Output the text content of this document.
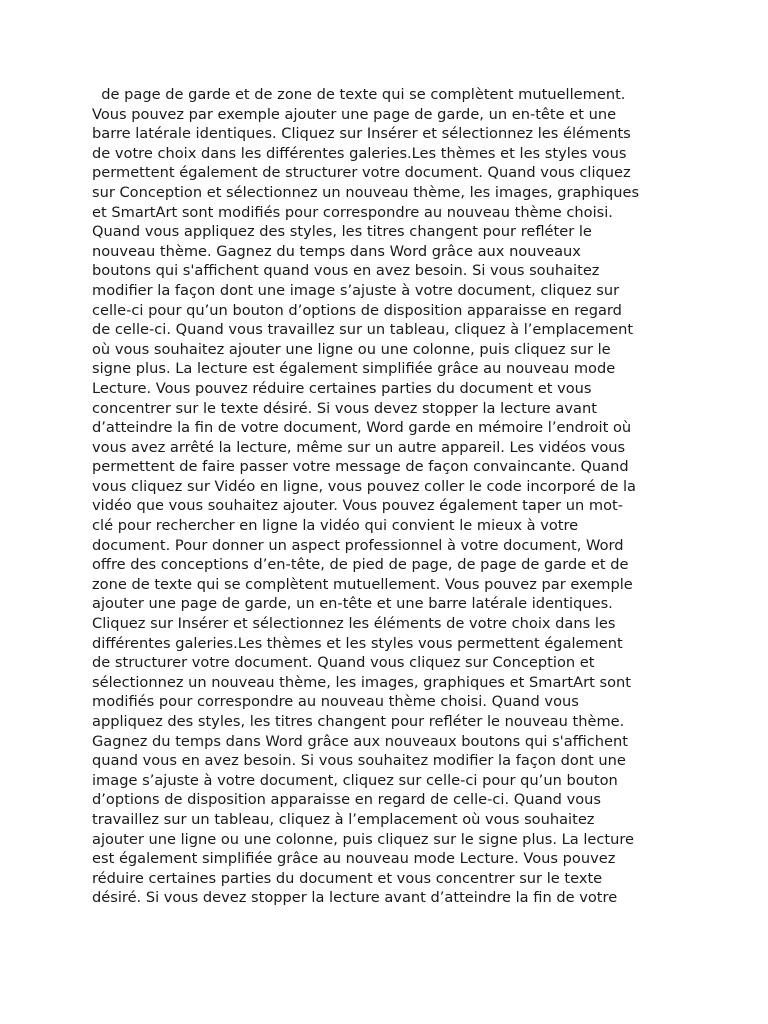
de page de garde et de zone de texte qui se complètent mutuellement.
Vous pouvez par exemple ajouter une page de garde, un en-tête et une
barre latérale identiques. Cliquez sur Insérer et sélectionnez les éléments
de votre choix dans les différentes galeries.Les thèmes et les styles vous
permettent également de structurer votre document. Quand vous cliquez
sur Conception et sélectionnez un nouveau thème, les images, graphiques
et SmartArt sont modifiés pour correspondre au nouveau thème choisi.
Quand vous appliquez des styles, les titres changent pour refléter le
nouveau thème. Gagnez du temps dans Word grâce aux nouveaux
boutons qui s'affichent quand vous en avez besoin. Si vous souhaitez
modifier la façon dont une image s’ajuste à votre document, cliquez sur
celle-ci pour qu’un bouton d’options de disposition apparaisse en regard
de celle-ci. Quand vous travaillez sur un tableau, cliquez à l’emplacement
où vous souhaitez ajouter une ligne ou une colonne, puis cliquez sur le
signe plus. La lecture est également simplifiée grâce au nouveau mode
Lecture. Vous pouvez réduire certaines parties du document et vous
concentrer sur le texte désiré. Si vous devez stopper la lecture avant
d’atteindre la fin de votre document, Word garde en mémoire l’endroit où
vous avez arrêté la lecture, même sur un autre appareil. Les vidéos vous
permettent de faire passer votre message de façon convaincante. Quand
vous cliquez sur Vidéo en ligne, vous pouvez coller le code incorporé de la
vidéo que vous souhaitez ajouter. Vous pouvez également taper un mot-
clé pour rechercher en ligne la vidéo qui convient le mieux à votre
document. Pour donner un aspect professionnel à votre document, Word
offre des conceptions d’en-tête, de pied de page, de page de garde et de
zone de texte qui se complètent mutuellement. Vous pouvez par exemple
ajouter une page de garde, un en-tête et une barre latérale identiques.
Cliquez sur Insérer et sélectionnez les éléments de votre choix dans les
différentes galeries.Les thèmes et les styles vous permettent également
de structurer votre document. Quand vous cliquez sur Conception et
sélectionnez un nouveau thème, les images, graphiques et SmartArt sont
modifiés pour correspondre au nouveau thème choisi. Quand vous
appliquez des styles, les titres changent pour refléter le nouveau thème.
Gagnez du temps dans Word grâce aux nouveaux boutons qui s'affichent
quand vous en avez besoin. Si vous souhaitez modifier la façon dont une
image s’ajuste à votre document, cliquez sur celle-ci pour qu’un bouton
d’options de disposition apparaisse en regard de celle-ci. Quand vous
travaillez sur un tableau, cliquez à l’emplacement où vous souhaitez
ajouter une ligne ou une colonne, puis cliquez sur le signe plus. La lecture
est également simplifiée grâce au nouveau mode Lecture. Vous pouvez
réduire certaines parties du document et vous concentrer sur le texte
désiré. Si vous devez stopper la lecture avant d’atteindre la fin de votre
